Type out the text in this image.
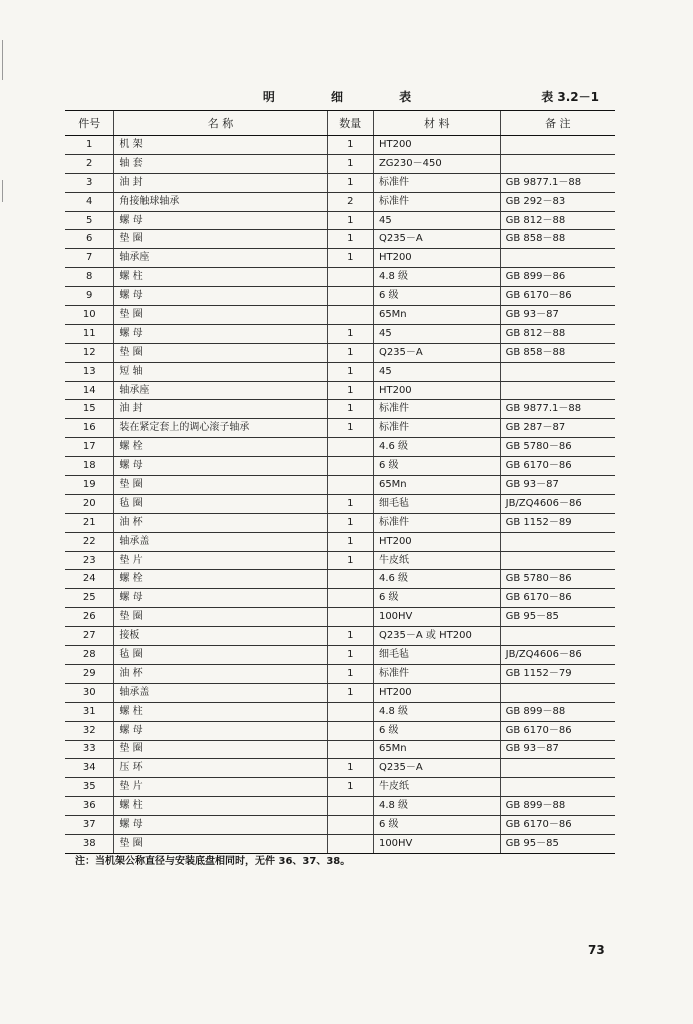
明 细 表	表 3.2－1
件号	名 称	数量	材 料	备 注
1	机 架	1	HT200	
2	轴 套	1	ZG230－450	
3	油 封	1	标准件	GB 9877.1－88
4	角接触球轴承	2	标准件	GB 292－83
5	螺 母	1	45	GB 812－88
6	垫 圈	1	Q235－A	GB 858－88
7	轴承座	1	HT200	
8	螺 柱		4.8 级	GB 899－86
9	螺 母		6 级	GB 6170－86
10	垫 圈		65Mn	GB 93－87
11	螺 母	1	45	GB 812－88
12	垫 圈	1	Q235－A	GB 858－88
13	短 轴	1	45	
14	轴承座	1	HT200	
15	油 封	1	标准件	GB 9877.1－88
16	装在紧定套上的调心滚子轴承	1	标准件	GB 287－87
17	螺 栓		4.6 级	GB 5780－86
18	螺 母		6 级	GB 6170－86
19	垫 圈		65Mn	GB 93－87
20	毡 圈	1	细毛毡	JB/ZQ4606－86
21	油 杯	1	标准件	GB 1152－89
22	轴承盖	1	HT200	
23	垫 片	1	牛皮纸	
24	螺 栓		4.6 级	GB 5780－86
25	螺 母		6 级	GB 6170－86
26	垫 圈		100HV	GB 95－85
27	接板	1	Q235－A 或 HT200	
28	毡 圈	1	细毛毡	JB/ZQ4606－86
29	油 杯	1	标准件	GB 1152－79
30	轴承盖	1	HT200	
31	螺 柱		4.8 级	GB 899－88
32	螺 母		6 级	GB 6170－86
33	垫 圈		65Mn	GB 93－87
34	压 环	1	Q235－A	
35	垫 片	1	牛皮纸	
36	螺 柱		4.8 级	GB 899－88
37	螺 母		6 级	GB 6170－86
38	垫 圈		100HV	GB 95－85
注：当机架公称直径与安装底盘相同时，无件 36、37、38。
73
